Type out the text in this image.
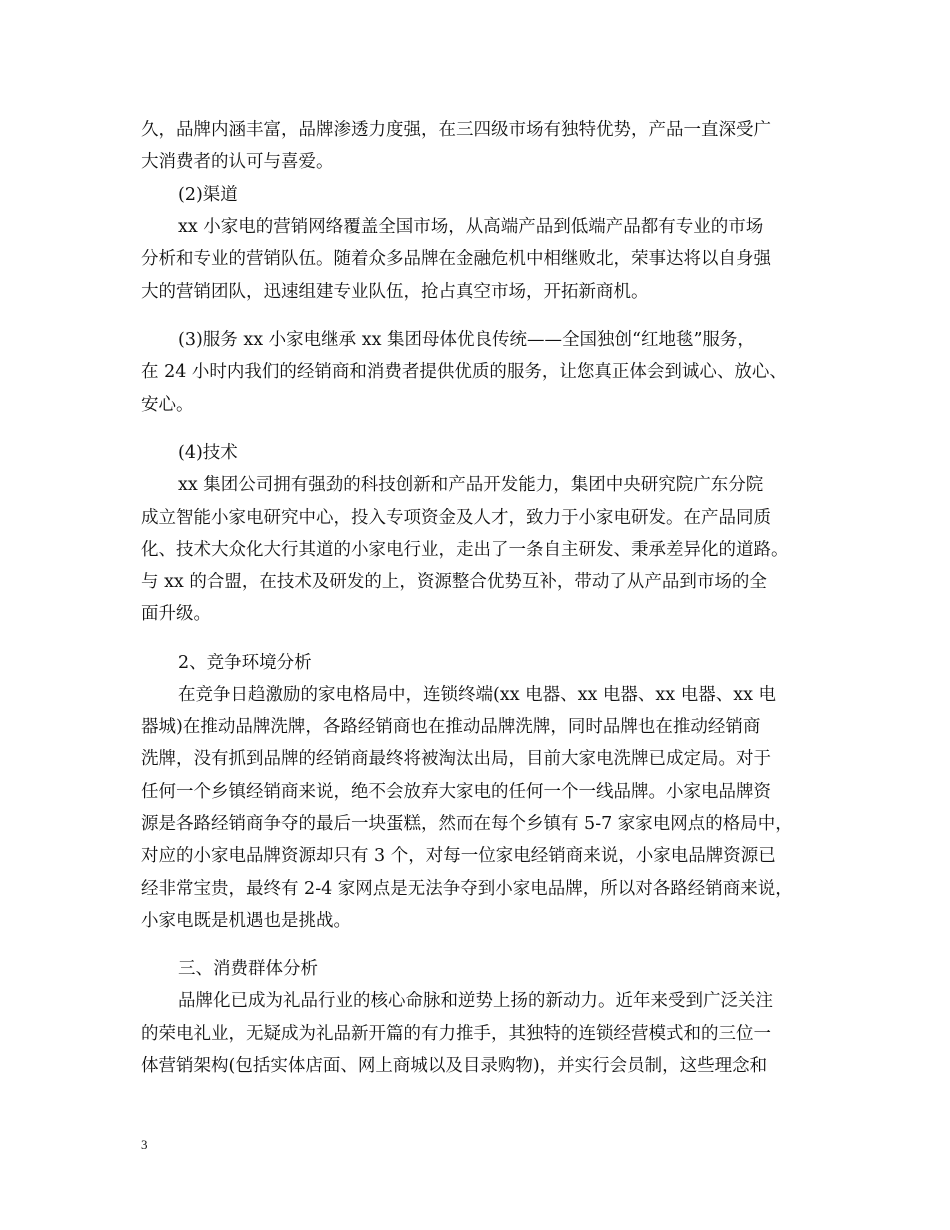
久，品牌内涵丰富，品牌渗透力度强，在三四级市场有独特优势，产品一直深受广
大消费者的认可与喜爱。
(2)渠道
xx 小家电的营销网络覆盖全国市场，从高端产品到低端产品都有专业的市场
分析和专业的营销队伍。随着众多品牌在金融危机中相继败北，荣事达将以自身强
大的营销团队，迅速组建专业队伍，抢占真空市场，开拓新商机。
(3)服务 xx 小家电继承 xx 集团母体优良传统——全国独创“红地毯”服务，
在 24 小时内我们的经销商和消费者提供优质的服务，让您真正体会到诚心、放心、
安心。
(4)技术
xx 集团公司拥有强劲的科技创新和产品开发能力，集团中央研究院广东分院
成立智能小家电研究中心，投入专项资金及人才，致力于小家电研发。在产品同质
化、技术大众化大行其道的小家电行业，走出了一条自主研发、秉承差异化的道路。
与 xx 的合盟，在技术及研发的上，资源整合优势互补，带动了从产品到市场的全
面升级。
2、竞争环境分析
在竞争日趋激励的家电格局中，连锁终端(xx 电器、xx 电器、xx 电器、xx 电
器城)在推动品牌洗牌，各路经销商也在推动品牌洗牌，同时品牌也在推动经销商
洗牌，没有抓到品牌的经销商最终将被淘汰出局，目前大家电洗牌已成定局。对于
任何一个乡镇经销商来说，绝不会放弃大家电的任何一个一线品牌。小家电品牌资
源是各路经销商争夺的最后一块蛋糕，然而在每个乡镇有 5-7 家家电网点的格局中，
对应的小家电品牌资源却只有 3 个，对每一位家电经销商来说，小家电品牌资源已
经非常宝贵，最终有 2-4 家网点是无法争夺到小家电品牌，所以对各路经销商来说，
小家电既是机遇也是挑战。
三、消费群体分析
品牌化已成为礼品行业的核心命脉和逆势上扬的新动力。近年来受到广泛关注
的荣电礼业，无疑成为礼品新开篇的有力推手，其独特的连锁经营模式和的三位一
体营销架构(包括实体店面、网上商城以及目录购物)，并实行会员制，这些理念和
3
